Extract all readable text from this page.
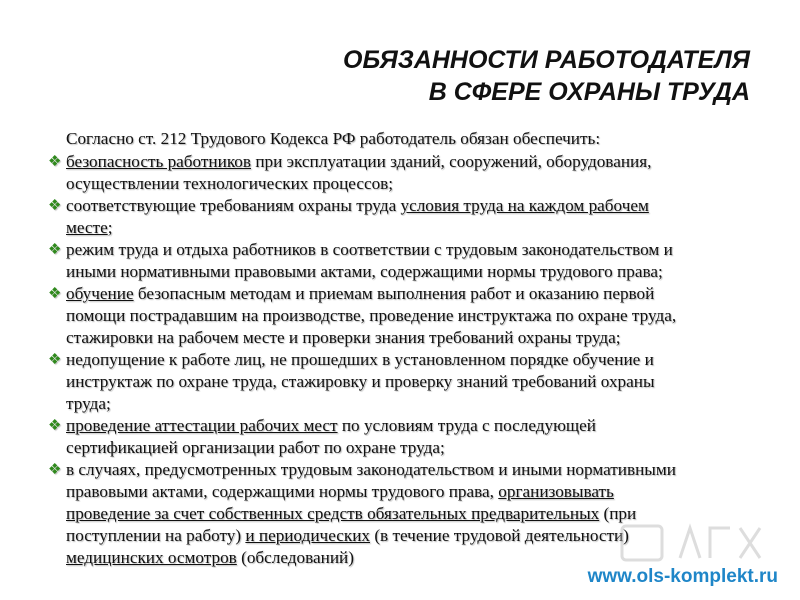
ОБЯЗАННОСТИ РАБОТОДАТЕЛЯ
В СФЕРЕ ОХРАНЫ ТРУДА
Согласно ст. 212 Трудового Кодекса РФ работодатель обязан обеспечить:
❖ безопасность работников при эксплуатации зданий, сооружений, оборудования,
осуществлении технологических процессов;
❖ соответствующие требованиям охраны труда условия труда на каждом рабочем
месте;
❖ режим труда и отдыха работников в соответствии с трудовым законодательством и
иными нормативными правовыми актами, содержащими нормы трудового права;
❖ обучение безопасным методам и приемам выполнения работ и оказанию первой
помощи пострадавшим на производстве, проведение инструктажа по охране труда,
стажировки на рабочем месте и проверки знания требований охраны труда;
❖ недопущение к работе лиц, не прошедших в установленном порядке обучение и
инструктаж по охране труда, стажировку и проверку знаний требований охраны
труда;
❖ проведение аттестации рабочих мест по условиям труда с последующей
сертификацией организации работ по охране труда;
❖ в случаях, предусмотренных трудовым законодательством и иными нормативными
правовыми актами, содержащими нормы трудового права, организовывать
проведение за счет собственных средств обязательных предварительных (при
поступлении на работу) и периодических (в течение трудовой деятельности)
медицинских осмотров (обследований)
www.ols-komplekt.ru
